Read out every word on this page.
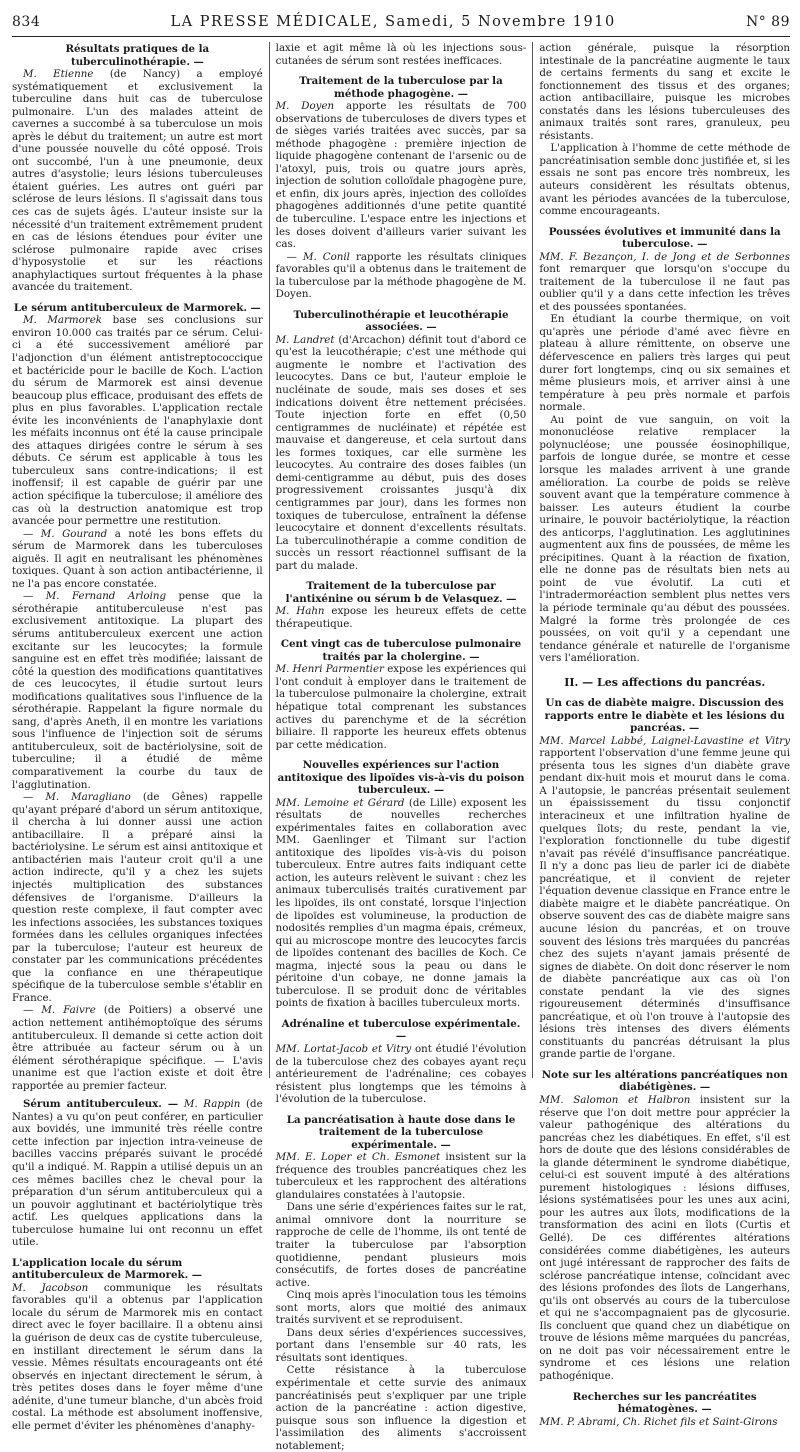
834	LA PRESSE MÉDICALE, Samedi, 5 Novembre 1910	N° 89
Résultats pratiques de la tuberculinothérapie. —

M. Etienne (de Nancy) a employé systématiquement et exclusivement la tuberculine dans huit cas de tuberculose pulmonaire. L'un des malades atteint de cavernes a succombé à sa tuberculose un mois après le début du traitement; un autre est mort d'une poussée nouvelle du côté opposé. Trois ont succombé, l'un à une pneumonie, deux autres d'asystolie; leurs lésions tuberculeuses étaient guéries. Les autres ont guéri par sclérose de leurs lésions. Il s'agissait dans tous ces cas de sujets âgés. L'auteur insiste sur la nécessité d'un traitement extrêmement prudent en cas de lésions étendues pour éviter une sclérose pulmonaire rapide avec crises d'hyposystolie et sur les réactions anaphylactiques surtout fréquentes à la phase avancée du traitement.

Le sérum antituberculeux de Marmorek. —

M. Marmorek base ses conclusions sur environ 10.000 cas traités par ce sérum. Celui-ci a été successivement amélioré par l'adjonction d'un élément antistreptococcique et bactéricide pour le bacille de Koch. L'action du sérum de Marmorek est ainsi devenue beaucoup plus efficace, produisant des effets de plus en plus favorables. L'application rectale évite les inconvénients de l'anaphylaxie dont les méfaits inconnus ont été la cause principale des attaques dirigées contre le sérum à ses débuts. Ce sérum est applicable à tous les tuberculeux sans contre-indications; il est inoffensif; il est capable de guérir par une action spécifique la tuberculose; il améliore des cas où la destruction anatomique est trop avancée pour permettre une restitution.

— M. Gourand a noté les bons effets du sérum de Marmorek dans les tuberculoses aiguës. Il agit en neutralisant les phénomènes toxiques. Quant à son action antibactérienne, il ne l'a pas encore constatée.

— M. Fernand Arloing pense que la sérothérapie antituberculeuse n'est pas exclusivement antitoxique. La plupart des sérums antituberculeux exercent une action excitante sur les leucocytes; la formule sanguine est en effet très modifiée; laissant de côté la question des modifications quantitatives de ces leucocytes, il étudie surtout leurs modifications qualitatives sous l'influence de la sérothérapie. Rappelant la figure normale du sang, d'après Aneth, il en montre les variations sous l'influence de l'injection soit de sérums antituberculeux, soit de bactériolysine, soit de tuberculine; il a étudié de même comparativement la courbe du taux de l'agglutination.

— M. Maragliano (de Gênes) rappelle qu'ayant préparé d'abord un sérum antitoxique, il chercha à lui donner aussi une action antibacillaire. Il a préparé ainsi la bactériolysine. Le sérum est ainsi antitoxique et antibactérien mais l'auteur croit qu'il a une action indirecte, qu'il y a chez les sujets injectés multiplication des substances défensives de l'organisme. D'ailleurs la question reste complexe, il faut compter avec les infections associées, les substances toxiques formées dans les cellules organiques infectées par la tuberculose; l'auteur est heureux de constater par les communications précédentes que la confiance en une thérapeutique spécifique de la tuberculose semble s'établir en France.

— M. Faivre (de Poitiers) a observé une action nettement antihémoptoïque des sérums antituberculeux. Il demande si cette action doit être attribuée au facteur sérum ou à un élément sérothérapique spécifique. — L'avis unanime est que l'action existe et doit être rapportée au premier facteur.

Sérum antituberculeux. — M. Rappin (de Nantes) a vu qu'on peut conférer, en particulier aux bovidés, une immunité très réelle contre cette infection par injection intra-veineuse de bacilles vaccins préparés suivant le procédé qu'il a indiqué. M. Rappin a utilisé depuis un an ces mêmes bacilles chez le cheval pour la préparation d'un sérum antituberculeux qui a un pouvoir agglutinant et bactériolytique très actif. Les quelques applications dans la tuberculose humaine lui ont reconnu un effet utile.

L'application locale du sérum antituberculeux de Marmorek. —

M. Jacobson communique les résultats favorables qu'il a obtenus par l'application locale du sérum de Marmorek mis en contact direct avec le foyer bacillaire. Il a obtenu ainsi la guérison de deux cas de cystite tuberculeuse, en instillant directement le sérum dans la vessie. Mêmes résultats encourageants ont été observés en injectant directement le sérum, à très petites doses dans le foyer même d'une adénite, d'une tumeur blanche, d'un abcès froid costal. La méthode est absolument inoffensive, elle permet d'éviter les phénomènes d'anaphy-

laxie et agit même là où les injections sous-cutanées de sérum sont restées inefficaces.

Traitement de la tuberculose par la méthode phagogène. —

M. Doyen apporte les résultats de 700 observations de tuberculoses de divers types et de sièges variés traitées avec succès, par sa méthode phagogène : première injection de liquide phagogène contenant de l'arsenic ou de l'atoxyl, puis, trois ou quatre jours après, injection de solution colloïdale phagogène pure, et enfin, dix jours après, injection des colloïdes phagogènes additionnés d'une petite quantité de tuberculine. L'espace entre les injections et les doses doivent d'ailleurs varier suivant les cas.

— M. Conil rapporte les résultats cliniques favorables qu'il a obtenus dans le traitement de la tuberculose par la méthode phagogène de M. Doyen.

Tuberculinothérapie et leucothérapie associées. —

M. Landret (d'Arcachon) définit tout d'abord ce qu'est la leucothérapie; c'est une méthode qui augmente le nombre et l'activation des leucocytes. Dans ce but, l'auteur emploie le nucléinate de soude, mais ses doses et ses indications doivent être nettement précisées. Toute injection forte en effet (0,50 centigrammes de nucléinate) et répétée est mauvaise et dangereuse, et cela surtout dans les formes toxiques, car elle surmène les leucocytes. Au contraire des doses faibles (un demi-centigramme au début, puis des doses progressivement croissantes jusqu'à dix centigrammes par jour), dans les formes non toxiques de tuberculose, entraînent la défense leucocytaire et donnent d'excellents résultats. La tuberculinothérapie a comme condition de succès un ressort réactionnel suffisant de la part du malade.

Traitement de la tuberculose par l'antixénine ou sérum b de Velasquez. —

M. Hahn expose les heureux effets de cette thérapeutique.

Cent vingt cas de tuberculose pulmonaire traités par la cholergine. —

M. Henri Parmentier expose les expériences qui l'ont conduit à employer dans le traitement de la tuberculose pulmonaire la cholergine, extrait hépatique total comprenant les substances actives du parenchyme et de la sécrétion biliaire. Il rapporte les heureux effets obtenus par cette médication.

Nouvelles expériences sur l'action antitoxique des lipoïdes vis-à-vis du poison tuberculeux. —

MM. Lemoine et Gérard (de Lille) exposent les résultats de nouvelles recherches expérimentales faites en collaboration avec MM. Gaenlinger et Tilmant sur l'action antitoxique des lipoïdes vis-à-vis du poison tuberculeux. Entre autres faits indiquant cette action, les auteurs relèvent le suivant : chez les animaux tuberculisés traités curativement par les lipoïdes, ils ont constaté, lorsque l'injection de lipoïdes est volumineuse, la production de nodosités remplies d'un magma épais, crémeux, qui au microscope montre des leucocytes farcis de lipoïdes contenant des bacilles de Koch. Ce magma, injecté sous la peau ou dans le péritoine d'un cobaye, ne donne jamais la tuberculose. Il se produit donc de véritables points de fixation à bacilles tuberculeux morts.

Adrénaline et tuberculose expérimentale. —

MM. Lortat-Jacob et Vitry ont étudié l'évolution de la tuberculose chez des cobayes ayant reçu antérieurement de l'adrénaline; ces cobayes résistent plus longtemps que les témoins à l'évolution de la tuberculose.

La pancréatisation à haute dose dans le traitement de la tuberculose expérimentale. —

MM. E. Loper et Ch. Esmonet insistent sur la fréquence des troubles pancréatiques chez les tuberculeux et les rapprochent des altérations glandulaires constatées à l'autopsie.

Dans une série d'expériences faites sur le rat, animal omnivore dont la nourriture se rapproche de celle de l'homme, ils ont tenté de traiter la tuberculose par l'absorption quotidienne, pendant plusieurs mois consécutifs, de fortes doses de pancréatine active.

Cinq mois après l'inoculation tous les témoins sont morts, alors que moitié des animaux traités survivent et se reproduisent.

Dans deux séries d'expériences successives, portant dans l'ensemble sur 40 rats, les résultats sont identiques.

Cette résistance à la tuberculose expérimentale et cette survie des animaux pancréatinisés peut s'expliquer par une triple action de la pancréatine : action digestive, puisque sous son influence la digestion et l'assimilation des aliments s'accroissent notablement;

action générale, puisque la résorption intestinale de la pancréatine augmente le taux de certains ferments du sang et excite le fonctionnement des tissus et des organes; action antibacillaire, puisque les microbes constatés dans les lésions tuberculeuses des animaux traités sont rares, granuleux, peu résistants.

L'application à l'homme de cette méthode de pancréatinisation semble donc justifiée et, si les essais ne sont pas encore très nombreux, les auteurs considèrent les résultats obtenus, avant les périodes avancées de la tuberculose, comme encourageants.

Poussées évolutives et immunité dans la tuberculose. —

MM. F. Bezançon, I. de Jong et de Serbonnes font remarquer que lorsqu'on s'occupe du traitement de la tuberculose il ne faut pas oublier qu'il y a dans cette infection les trêves et des poussées spontanées.

En étudiant la courbe thermique, on voit qu'après une période d'amé avec fièvre en plateau à allure rémittente, on observe une défervescence en paliers très larges qui peut durer fort longtemps, cinq ou six semaines et même plusieurs mois, et arriver ainsi à une température à peu près normale et parfois normale.

Au point de vue sanguin, on voit la mononucléose relative remplacer la polynucléose; une poussée éosinophilique, parfois de longue durée, se montre et cesse lorsque les malades arrivent à une grande amélioration. La courbe de poids se relève souvent avant que la température commence à baisser. Les auteurs étudient la courbe urinaire, le pouvoir bactériolytique, la réaction des anticorps, l'agglutination. Les agglutinines augmentent aux fins de poussées, de même les précipitines. Quant à la réaction de fixation, elle ne donne pas de résultats bien nets au point de vue évolutif. La cuti et l'intradermoréaction semblent plus nettes vers la période terminale qu'au début des poussées. Malgré la forme très prolongée de ces poussées, on voit qu'il y a cependant une tendance générale et naturelle de l'organisme vers l'amélioration.

II. — Les affections du pancréas.
Un cas de diabète maigre. Discussion des rapports entre le diabète et les lésions du pancréas. —

MM. Marcel Labbé, Laignel-Lavastine et Vitry rapportent l'observation d'une femme jeune qui présenta tous les signes d'un diabète grave pendant dix-huit mois et mourut dans le coma. A l'autopsie, le pancréas présentait seulement un épaississement du tissu conjonctif interacineux et une infiltration hyaline de quelques îlots; du reste, pendant la vie, l'exploration fonctionnelle du tube digestif n'avait pas révélé d'insuffisance pancréatique. Il n'y a donc pas lieu de parler ici de diabète pancréatique, et il convient de rejeter l'équation devenue classique en France entre le diabète maigre et le diabète pancréatique. On observe souvent des cas de diabète maigre sans aucune lésion du pancréas, et on trouve souvent des lésions très marquées du pancréas chez des sujets n'ayant jamais présenté de signes de diabète. On doit donc réserver le nom de diabète pancréatique aux cas où l'on constate pendant la vie des signes rigoureusement déterminés d'insuffisance pancréatique, et où l'on trouve à l'autopsie des lésions très intenses des divers éléments constituants du pancréas détruisant la plus grande partie de l'organe.

Note sur les altérations pancréatiques non diabétigènes. —

MM. Salomon et Halbron insistent sur la réserve que l'on doit mettre pour apprécier la valeur pathogénique des altérations du pancréas chez les diabétiques. En effet, s'il est hors de doute que des lésions considérables de la glande déterminent le syndrome diabétique, celui-ci est souvent imputé à des altérations purement histologiques : lésions diffuses, lésions systématisées pour les unes aux acini, pour les autres aux îlots, modifications de la transformation des acini en îlots (Curtis et Gellé). De ces différentes altérations considérées comme diabétigènes, les auteurs ont jugé intéressant de rapprocher des faits de sclérose pancréatique intense, coïncidant avec des lésions profondes des îlots de Langerhans, qu'ils ont observés au cours de la tuberculose et qui ne s'accompagnaient pas de glycosurie. Ils concluent que quand chez un diabétique on trouve de lésions même marquées du pancréas, on ne doit pas voir nécessairement entre le syndrome et ces lésions une relation pathogénique.

Recherches sur les pancréatites hématogènes. —

MM. P. Abrami, Ch. Richet fils et Saint-Girons
